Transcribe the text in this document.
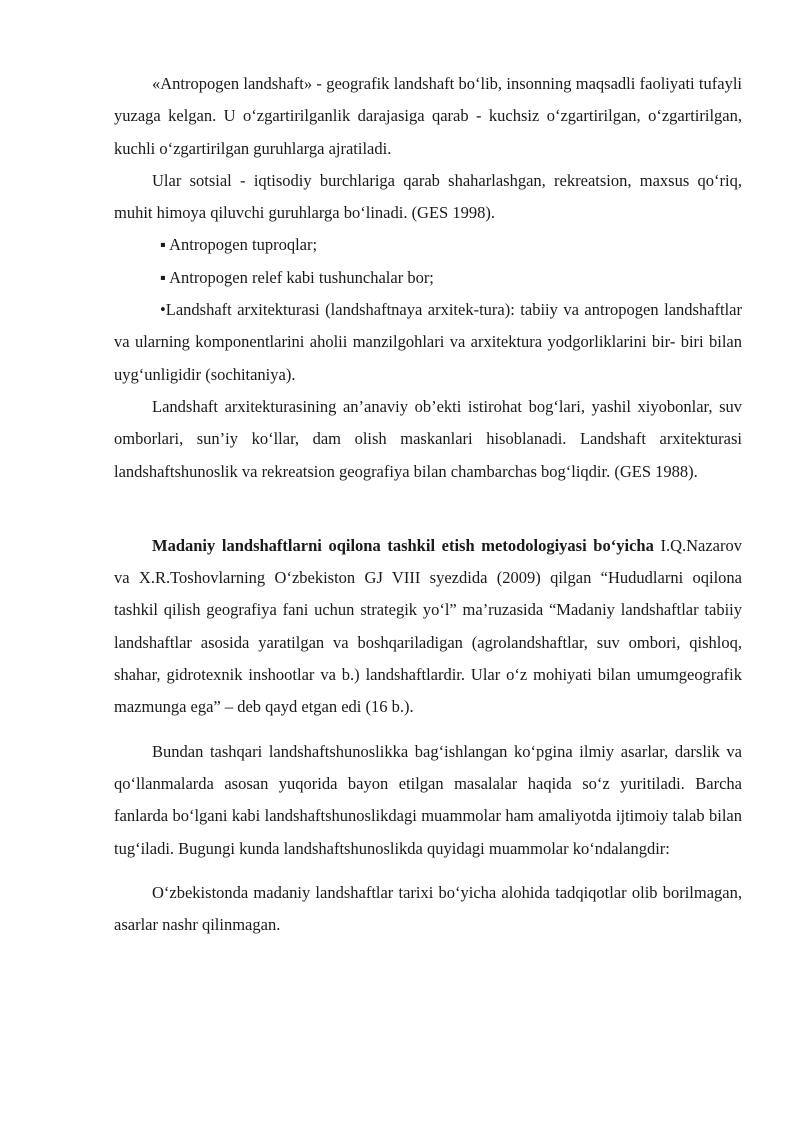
«Antropogen landshaft» - geografik landshaft bo‘lib, insonning maqsadli faoliyati tufayli yuzaga kelgan. U o‘zgartirilganlik darajasiga qarab - kuchsiz o‘zgartirilgan, o‘zgartirilgan, kuchli o‘zgartirilgan guruhlarga ajratiladi.

Ular sotsial - iqtisodiy burchlariga qarab shaharlashgan, rekreatsion, maxsus qo‘riq, muhit himoya qiluvchi guruhlarga bo‘linadi. (GES 1998).

▪ Antropogen tuproqlar;

▪ Antropogen relef kabi tushunchalar bor;

•Landshaft arxitekturasi (landshaftnaya arxitek-tura): tabiiy va antropogen landshaftlar va ularning komponentlarini aholii manzilgohlari va arxitektura yodgorliklarini bir- biri bilan uyg‘unligidir (sochitaniya).

Landshaft arxitekturasining an’anaviy ob’ekti istirohat bog‘lari, yashil xiyobonlar, suv omborlari, sun’iy ko‘llar, dam olish maskanlari hisoblanadi. Landshaft arxitekturasi landshaftshunoslik va rekreatsion geografiya bilan chambarchas bog‘liqdir. (GES 1988).

Madaniy landshaftlarni oqilona tashkil etish metodologiyasi bo‘yicha I.Q.Nazarov va X.R.Toshovlarning O‘zbekiston GJ VIII syezdida (2009) qilgan “Hududlarni oqilona tashkil qilish geografiya fani uchun strategik yo‘l” ma’ruzasida “Madaniy landshaftlar tabiiy landshaftlar asosida yaratilgan va boshqariladigan (agrolandshaftlar, suv ombori, qishloq, shahar, gidrotexnik inshootlar va b.) landshaftlardir. Ular o‘z mohiyati bilan umumgeografik mazmunga ega” – deb qayd etgan edi (16 b.).

Bundan tashqari landshaftshunoslikka bag‘ishlangan ko‘pgina ilmiy asarlar, darslik va qo‘llanmalarda asosan yuqorida bayon etilgan masalalar haqida so‘z yuritiladi. Barcha fanlarda bo‘lgani kabi landshaftshunoslikdagi muammolar ham amaliyotda ijtimoiy talab bilan tug‘iladi. Bugungi kunda landshaftshunoslikda quyidagi muammolar ko‘ndalangdir:

O‘zbekistonda madaniy landshaftlar tarixi bo‘yicha alohida tadqiqotlar olib borilmagan, asarlar nashr qilinmagan.
